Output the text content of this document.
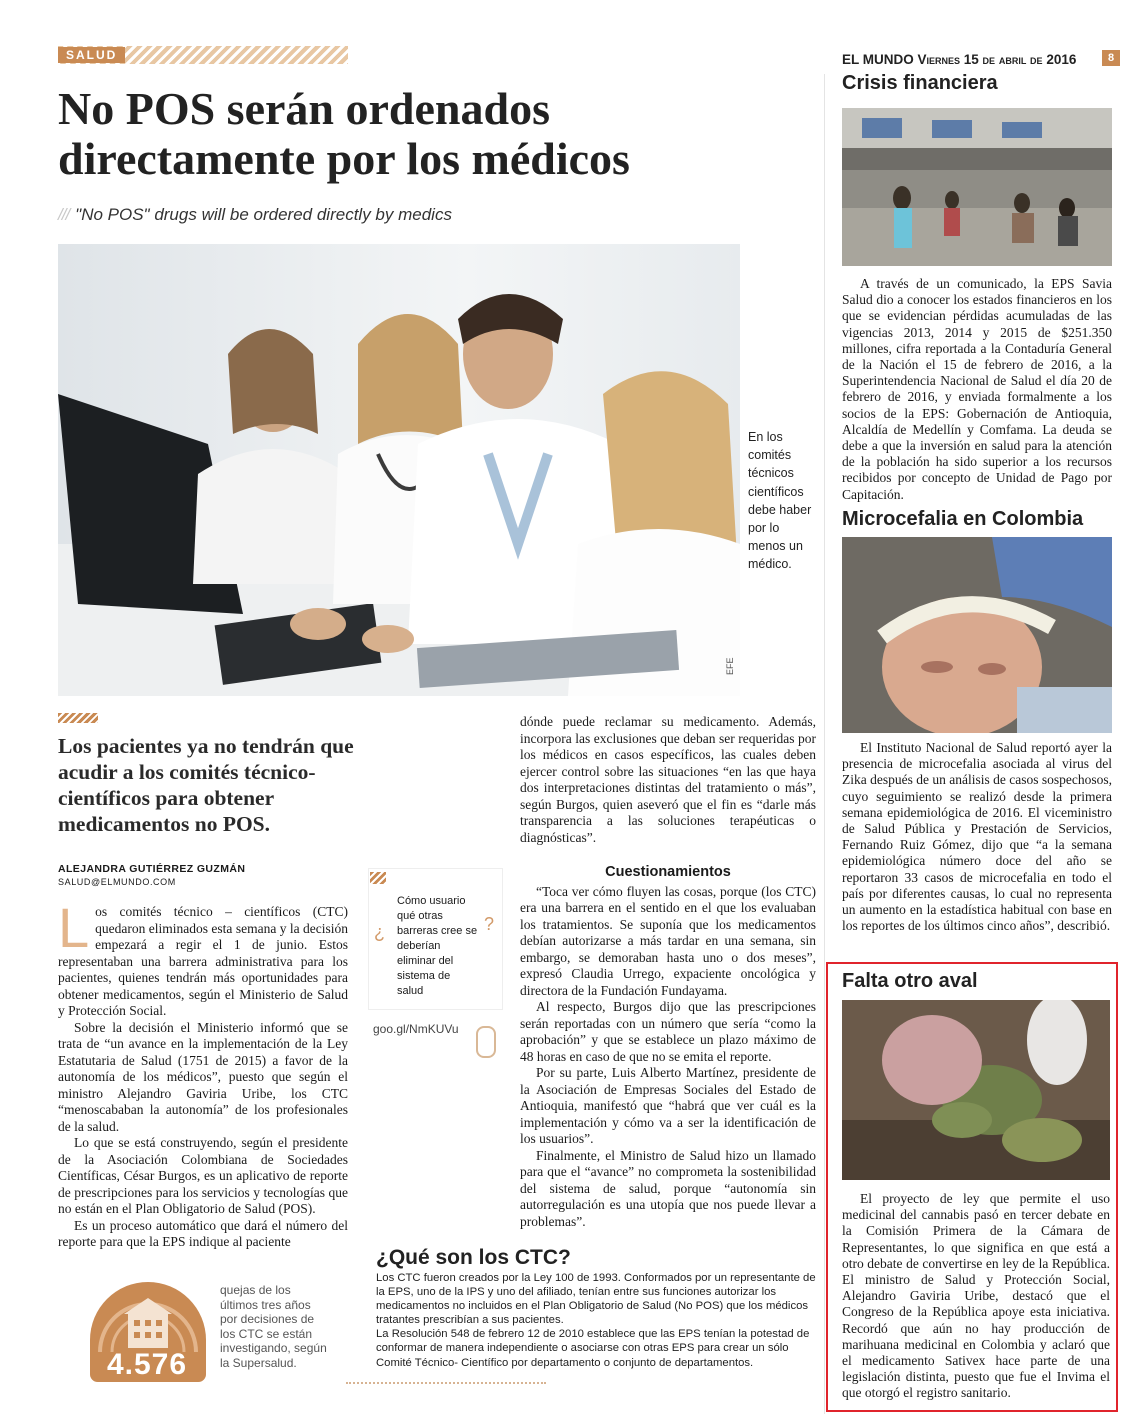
SALUD
No POS serán ordenados directamente por los médicos
/// "No POS" drugs will be ordered directly by medics
En los comités técnicos científicos debe haber por lo menos un médico.
EFE
Los pacientes ya no tendrán que acudir a los comités técnico-científicos para obtener medicamentos no POS.
ALEJANDRA GUTIÉRREZ GUZMÁN
SALUD@ELMUNDO.COM

Los comités técnico – científicos (CTC) quedaron eliminados esta semana y la decisión empezará a regir el 1 de junio. Estos representaban una barrera administrativa para los pacientes, quienes tendrán más oportunidades para obtener medicamentos, según el Ministerio de Salud y Protección Social.

Sobre la decisión el Ministerio informó que se trata de “un avance en la implementación de la Ley Estatutaria de Salud (1751 de 2015) a favor de la autonomía de los médicos”, puesto que según el ministro Alejandro Gaviria Uribe, los CTC “menoscababan la autonomía” de los profesionales de la salud.

Lo que se está construyendo, según el presidente de la Asociación Colombiana de Sociedades Científicas, César Burgos, es un aplicativo de reporte de prescripciones para los servicios y tecnologías que no están en el Plan Obligatorio de Salud (POS).

Es un proceso automático que dará el número del reporte para que la EPS indique al paciente

dónde puede reclamar su medicamento. Además, incorpora las exclusiones que deban ser requeridas por los médicos en casos específicos, las cuales deben ejercer control sobre las situaciones “en las que haya dos interpretaciones distintas del tratamiento o más”, según Burgos, quien aseveró que el fin es “darle más transparencia a las soluciones terapéuticas o diagnósticas”.

Cuestionamientos

“Toca ver cómo fluyen las cosas, porque (los CTC) era una barrera en el sentido en el que los evaluaban los tratamientos. Se suponía que los medicamentos debían autorizarse a más tardar en una semana, sin embargo, se demoraban hasta uno o dos meses”, expresó Claudia Urrego, expaciente oncológica y directora de la Fundación Fundayama.

Al respecto, Burgos dijo que las prescripciones serán reportadas con un número que sería “como la aprobación” y que se establece un plazo máximo de 48 horas en caso de que no se emita el reporte.

Por su parte, Luis Alberto Martínez, presidente de la Asociación de Empresas Sociales del Estado de Antioquia, manifestó que “habrá que ver cuál es la implementación y cómo va a ser la identificación de los usuarios”.

Finalmente, el Ministro de Salud hizo un llamado para que el “avance” no comprometa la sostenibilidad del sistema de salud, porque “autonomía sin autorregulación es una utopía que nos puede llevar a problemas”.

¿
Cómo usuario qué otras barreras cree se deberían eliminar del sistema de salud
?
goo.gl/NmKUVu
4.576
quejas de los últimos tres años por decisiones de los CTC se están investigando, según la Supersalud.
¿Qué son los CTC?

Los CTC fueron creados por la Ley 100 de 1993. Conformados por un representante de la EPS, uno de la IPS y uno del afiliado, tenían entre sus funciones autorizar los medicamentos no incluidos en el Plan Obligatorio de Salud (No POS) que los médicos tratantes prescribían a sus pacientes.

La Resolución 548 de febrero 12 de 2010 establece que las EPS tenían la potestad de conformar de manera independiente o asociarse con otras EPS para crear un sólo Comité Técnico- Científico por departamento o conjunto de departamentos.

EL MUNDO Viernes 15 de abril de 2016	8
Crisis financiera

A través de un comunicado, la EPS Savia Salud dio a conocer los estados financieros en los que se evidencian pérdidas acumuladas de las vigencias 2013, 2014 y 2015 de $251.350 millones, cifra reportada a la Contaduría General de la Nación el 15 de febrero de 2016, a la Superintendencia Nacional de Salud el día 20 de febrero de 2016, y enviada formalmente a los socios de la EPS: Gobernación de Antioquia, Alcaldía de Medellín y Comfama. La deuda se debe a que la inversión en salud para la atención de la población ha sido superior a los recursos recibidos por concepto de Unidad de Pago por Capitación.

Microcefalia en Colombia

El Instituto Nacional de Salud reportó ayer la presencia de microcefalia asociada al virus del Zika después de un análisis de casos sospechosos, cuyo seguimiento se realizó desde la primera semana epidemiológica de 2016. El viceministro de Salud Pública y Prestación de Servicios, Fernando Ruiz Gómez, dijo que “a la semana epidemiológica número doce del año se reportaron 33 casos de microcefalia en todo el país por diferentes causas, lo cual no representa un aumento en la estadística habitual con base en los reportes de los últimos cinco años”, describió.

Falta otro aval

El proyecto de ley que permite el uso medicinal del cannabis pasó en tercer debate en la Comisión Primera de la Cámara de Representantes, lo que significa en que está a otro debate de convertirse en ley de la República. El ministro de Salud y Protección Social, Alejandro Gaviria Uribe, destacó que el Congreso de la República apoye esta iniciativa. Recordó que aún no hay producción de marihuana medicinal en Colombia y aclaró que el medicamento Sativex hace parte de una legislación distinta, puesto que fue el Invima el que otorgó el registro sanitario.
